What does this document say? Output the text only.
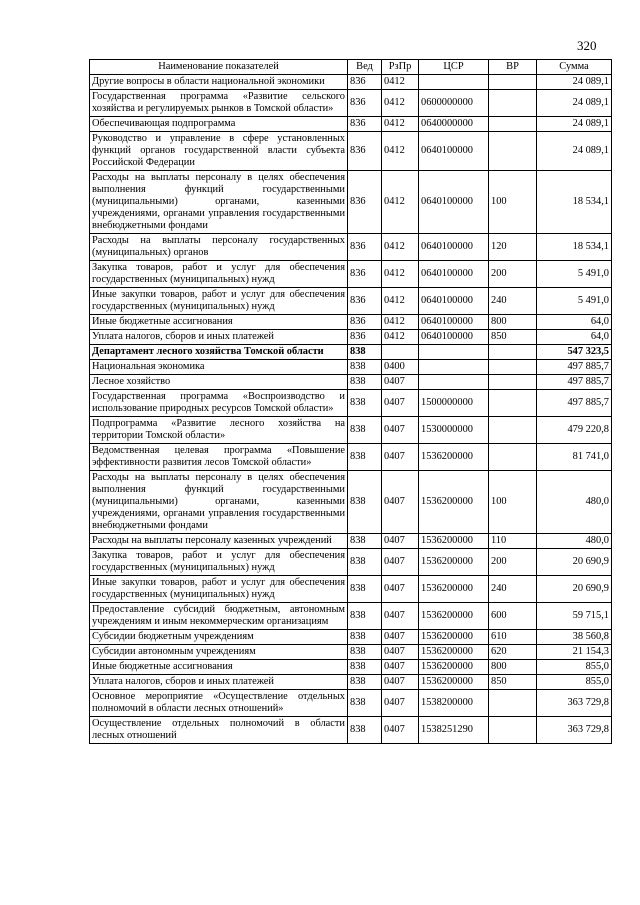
320
Наименование показателей	Вед	РзПр	ЦСР	ВР	Сумма
Другие вопросы в области национальной экономики	836	0412			24 089,1
Государственная программа «Развитие сельского хозяйства и регулируемых рынков в Томской области»	836	0412	0600000000		24 089,1
Обеспечивающая подпрограмма	836	0412	0640000000		24 089,1
Руководство и управление в сфере установленных функций органов государственной власти субъекта Российской Федерации	836	0412	0640100000		24 089,1
Расходы на выплаты персоналу в целях обеспечения выполнения функций государственными (муниципальными) органами, казенными учреждениями, органами управления государственными внебюджетными фондами	836	0412	0640100000	100	18 534,1
Расходы на выплаты персоналу государственных (муниципальных) органов	836	0412	0640100000	120	18 534,1
Закупка товаров, работ и услуг для обеспечения государственных (муниципальных) нужд	836	0412	0640100000	200	5 491,0
Иные закупки товаров, работ и услуг для обеспечения государственных (муниципальных) нужд	836	0412	0640100000	240	5 491,0
Иные бюджетные ассигнования	836	0412	0640100000	800	64,0
Уплата налогов, сборов и иных платежей	836	0412	0640100000	850	64,0
Департамент лесного хозяйства Томской области	838				547 323,5
Национальная экономика	838	0400			497 885,7
Лесное хозяйство	838	0407			497 885,7
Государственная программа «Воспроизводство и использование природных ресурсов Томской области»	838	0407	1500000000		497 885,7
Подпрограмма «Развитие лесного хозяйства на территории Томской области»	838	0407	1530000000		479 220,8
Ведомственная целевая программа «Повышение эффективности развития лесов Томской области»	838	0407	1536200000		81 741,0
Расходы на выплаты персоналу в целях обеспечения выполнения функций государственными (муниципальными) органами, казенными учреждениями, органами управления государственными внебюджетными фондами	838	0407	1536200000	100	480,0
Расходы на выплаты персоналу казенных учреждений	838	0407	1536200000	110	480,0
Закупка товаров, работ и услуг для обеспечения государственных (муниципальных) нужд	838	0407	1536200000	200	20 690,9
Иные закупки товаров, работ и услуг для обеспечения государственных (муниципальных) нужд	838	0407	1536200000	240	20 690,9
Предоставление субсидий бюджетным, автономным учреждениям и иным некоммерческим организациям	838	0407	1536200000	600	59 715,1
Субсидии бюджетным учреждениям	838	0407	1536200000	610	38 560,8
Субсидии автономным учреждениям	838	0407	1536200000	620	21 154,3
Иные бюджетные ассигнования	838	0407	1536200000	800	855,0
Уплата налогов, сборов и иных платежей	838	0407	1536200000	850	855,0
Основное мероприятие «Осуществление отдельных полномочий в области лесных отношений»	838	0407	1538200000		363 729,8
Осуществление отдельных полномочий в области лесных отношений	838	0407	1538251290		363 729,8
